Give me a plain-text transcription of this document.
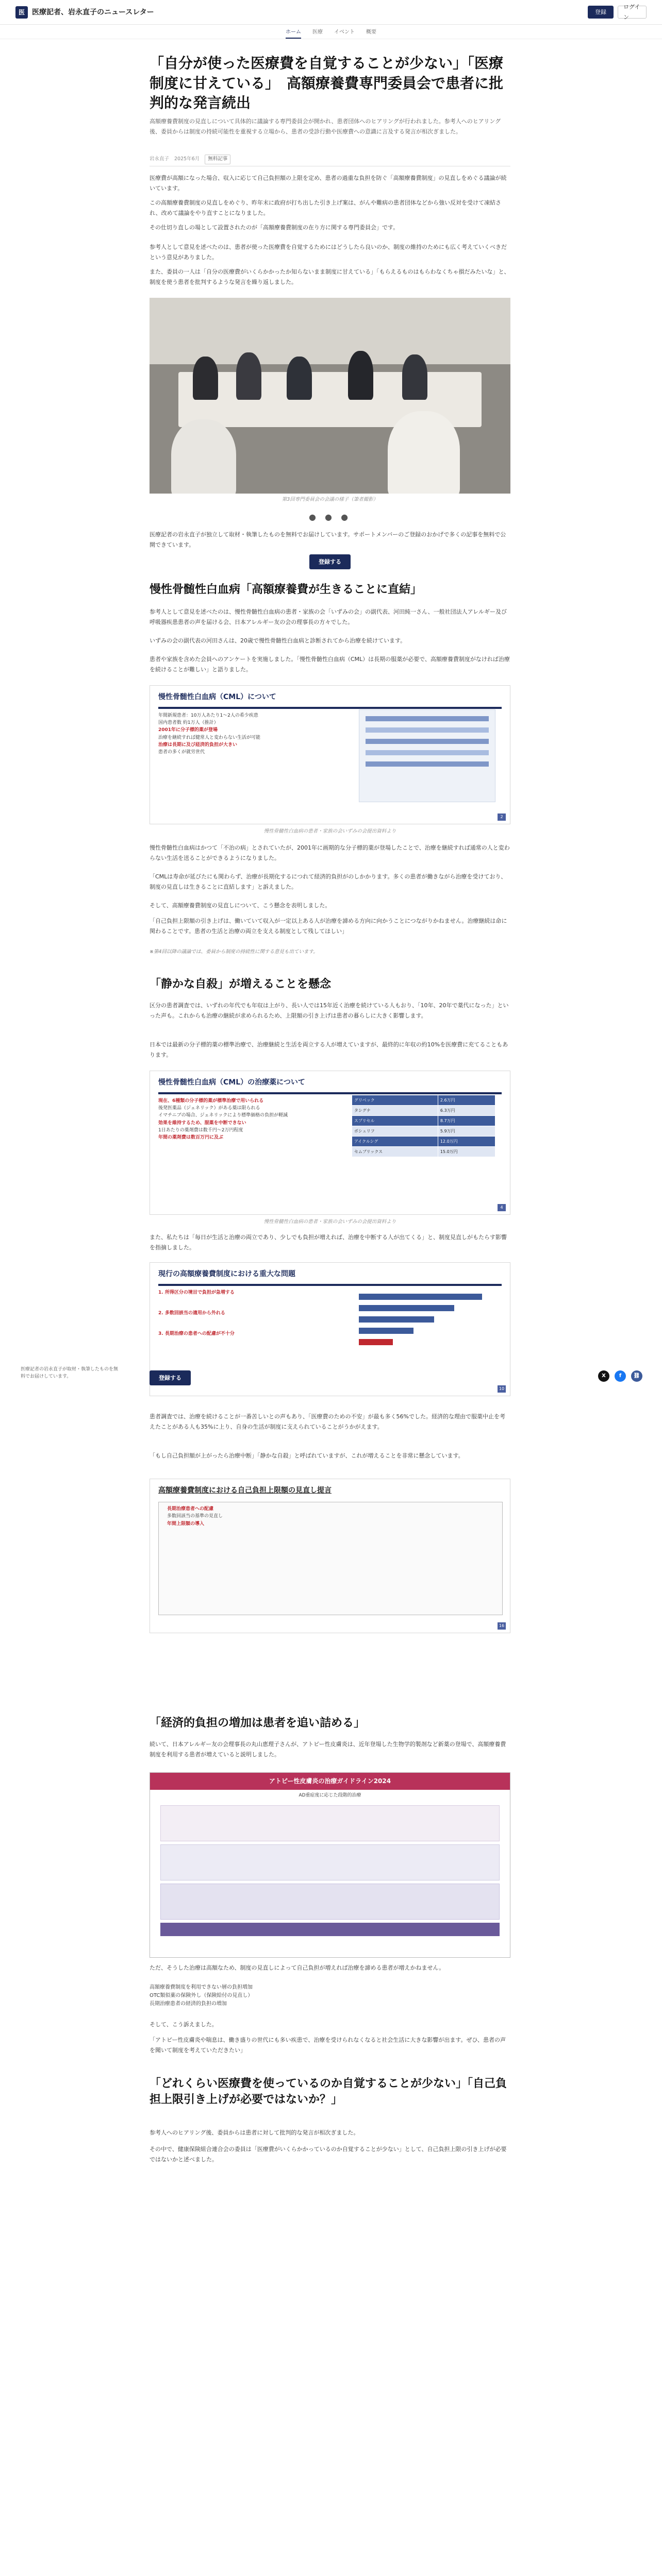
医	医療記者、岩永直子のニュースレター	登録
ログイン
ホーム 医療 イベント 概要
「自分が使った医療費を自覚することが少ない」「医療制度に甘えている」　高額療養費専門委員会で患者に批判的な発言続出

高額療養費制度の見直しについて具体的に議論する専門委員会が開かれ、患者団体へのヒアリングが行われました。参考人へのヒアリング後、委員からは制度の持続可能性を重視する立場から、患者の受診行動や医療費への意識に言及する発言が相次ぎました。

岩永直子 2025年6月	無料記事

医療費が高額になった場合、収入に応じて自己負担額の上限を定め、患者の過重な負担を防ぐ「高額療養費制度」の見直しをめぐる議論が続いています。

この高額療養費制度の見直しをめぐり、昨年末に政府が打ち出した引き上げ案は、がんや難病の患者団体などから強い反対を受けて凍結され、改めて議論をやり直すことになりました。

その仕切り直しの場として設置されたのが「高額療養費制度の在り方に関する専門委員会」です。

参考人として意見を述べたのは、患者が使った医療費を自覚するためにはどうしたら良いのか、制度の維持のためにも広く考えていくべきだという意見がありました。

また、委員の一人は「自分の医療費がいくらかかったか知らないまま制度に甘えている」「もらえるものはもらわなくちゃ損だみたいな」と、制度を使う患者を批判するような発言を繰り返しました。

第3回専門委員会の会議の様子（筆者撮影）

● ● ●

医療記者の岩永直子が独立して取材・執筆したものを無料でお届けしています。サポートメンバーのご登録のおかげで多くの記事を無料で公開できています。

登録する
慢性骨髄性白血病「高額療養費が生きることに直結」

参考人として意見を述べたのは、慢性骨髄性白血病の患者・家族の会「いずみの会」の副代表、河田純一さん、一般社団法人アレルギー及び呼吸器疾患患者の声を届ける会、日本アレルギー友の会の理事長の方々でした。

いずみの会の副代表の河田さんは、20歳で慢性骨髄性白血病と診断されてから治療を続けています。

患者や家族を含めた会員へのアンケートを実施しました。「慢性骨髄性白血病（CML）は長期の服薬が必要で、高額療養費制度がなければ治療を続けることが難しい」と語りました。

慢性骨髄性白血病（CML）について
年間新規患者：10万人あたり1〜2人の希少疾患
国内患者数 約1万人（推計）
2001年に分子標的薬が登場
治療を継続すれば健常人と変わらない生活が可能
治療は長期に及び経済的負担が大きい
患者の多くが就労世代
2

慢性骨髄性白血病の患者・家族の会いずみの会提出資料より

慢性骨髄性白血病はかつて「不治の病」とされていたが、2001年に画期的な分子標的薬が登場したことで、治療を継続すれば通常の人と変わらない生活を送ることができるようになりました。

「CMLは寿命が延びたにも関わらず、治療が長期化するにつれて経済的負担がのしかかります。多くの患者が働きながら治療を受けており、制度の見直しは生きることに直結します」と訴えました。

そして、高額療養費制度の見直しについて、こう懸念を表明しました。

「自己負担上限額の引き上げは、働いていて収入が一定以上ある人が治療を諦める方向に向かうことにつながりかねません。治療継続は命に関わることです。患者の生活と治療の両立を支える制度として残してほしい」

※第4回以降の議論では、委員から制度の持続性に関する意見も出ています。

「静かな自殺」が増えることを懸念

区分の患者調査では、いずれの年代でも年収は上がり、長い人では15年近く治療を続けている人もおり、「10年、20年で薬代になった」といった声も。これからも治療の継続が求められるため、上限額の引き上げは患者の暮らしに大きく影響します。

日本では最新の分子標的薬の標準治療で、治療継続と生活を両立する人が増えていますが、最終的に年収の約10%を医療費に充てることもあります。

慢性骨髄性白血病（CML）の治療薬について
現在、6種類の分子標的薬が標準治療で用いられる
後発医薬品（ジェネリック）がある薬は限られる
イマチニブの場合、ジェネリックにより標準価格の負担が軽減
効果を維持するため、服薬を中断できない
1日あたりの薬剤費は数千円〜2万円程度
年間の薬剤費は数百万円に及ぶ
グリベック	2.6万円
タシグナ	6.3万円
スプリセル	8.7万円
ボシュリフ	5.9万円
アイクルシグ	12.0万円
セムブリックス	15.0万円
4

慢性骨髄性白血病の患者・家族の会いずみの会提出資料より

また、私たちは「毎日が生活と治療の両立であり、少しでも負担が増えれば、治療を中断する人が出てくる」と、制度見直しがもたらす影響を指摘しました。

現行の高額療養費制度における重大な問題
1. 所得区分の境目で負担が急増する
2. 多数回該当の適用から外れる
3. 長期治療の患者への配慮が不十分
10

医療記者の岩永直子が取材・執筆したものを無料でお届けしています。	登録する	X	f	⛓

患者調査では、治療を続けることが一番苦しいとの声もあり、「医療費のための不安」が最も多く56%でした。経済的な理由で服薬中止を考えたことがある人も35%に上り、自身の生活が制度に支えられていることがうかがえます。

「もし自己負担額が上がったら治療中断」「静かな自殺」と呼ばれていますが、これが増えることを非常に懸念しています。

高額療養費制度における自己負担上限額の見直し提言
長期治療患者への配慮
多数回該当の基準の見直し
年間上限額の導入
16
「経済的負担の増加は患者を追い詰める」

続いて、日本アレルギー友の会理事長の丸山恵理子さんが、アトピー性皮膚炎は、近年登場した生物学的製剤など新薬の登場で、高額療養費制度を利用する患者が増えていると説明しました。

アトピー性皮膚炎の治療ガイドライン2024
AD重症度に応じた段階的治療

ただ、そうした治療は高額なため、制度の見直しによって自己負担が増えれば治療を諦める患者が増えかねません。

高額療養費制度を利用できない層の負担増加
OTC類似薬の保険外し（保険給付の見直し）
長期治療患者の経済的負担の増加

そして、こう訴えました。

「アトピー性皮膚炎や喘息は、働き盛りの世代にも多い疾患で、治療を受けられなくなると社会生活に大きな影響が出ます。ぜひ、患者の声を聞いて制度を考えていただきたい」

「どれくらい医療費を使っているのか自覚することが少ない」「自己負担上限引き上げが必要ではないか？」

参考人へのヒアリング後、委員からは患者に対して批判的な発言が相次ぎました。

その中で、健康保険組合連合会の委員は「医療費がいくらかかっているのか自覚することが少ない」として、自己負担上限の引き上げが必要ではないかと述べました。
